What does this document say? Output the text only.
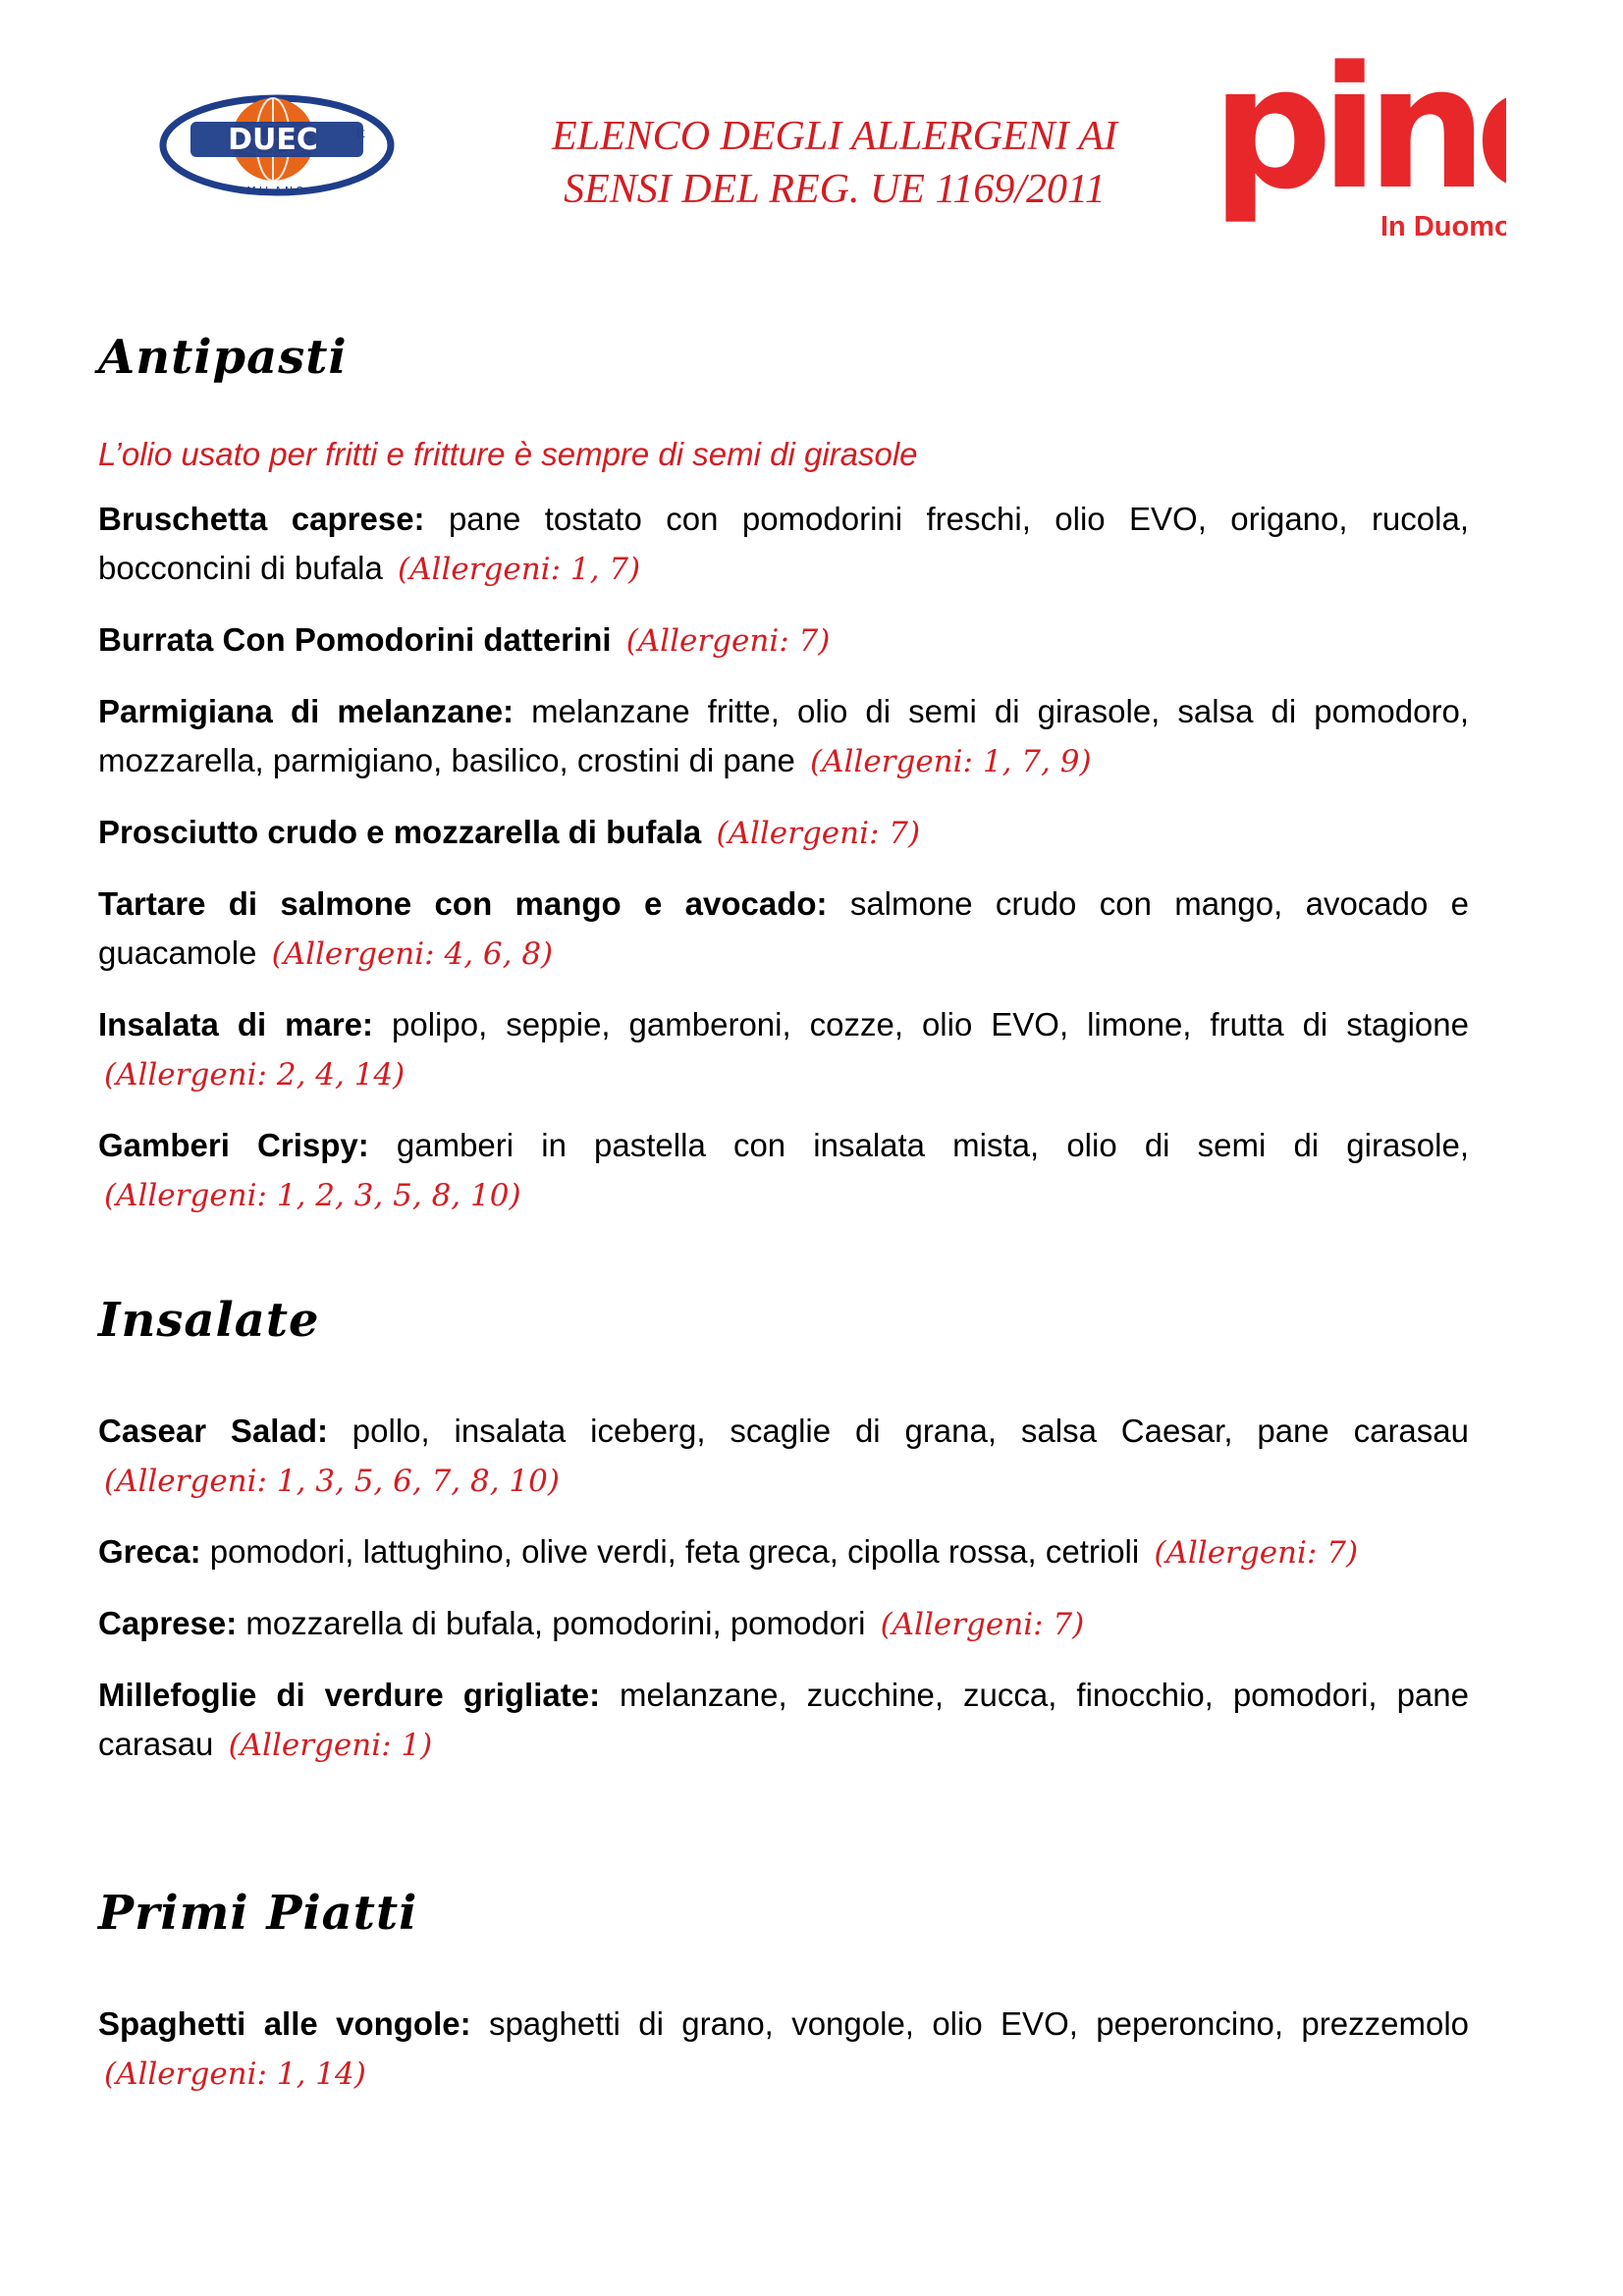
DUEC	it
MILANO
ELENCO DEGLI ALLERGENI AI
SENSI DEL REG. UE 1169/2011 pin
In Duomo
Antipasti

L’olio usato per fritti e fritture è sempre di semi di girasole

Bruschetta caprese: pane tostato con pomodorini freschi, olio EVO, origano, rucola, bocconcini di bufala (Allergeni: 1, 7)

Burrata Con Pomodorini datterini (Allergeni: 7)

Parmigiana di melanzane: melanzane fritte, olio di semi di girasole, salsa di pomodoro, mozzarella, parmigiano, basilico, crostini di pane (Allergeni: 1, 7, 9)

Prosciutto crudo e mozzarella di bufala (Allergeni: 7)

Tartare di salmone con mango e avocado: salmone crudo con mango, avocado e guacamole (Allergeni: 4, 6, 8)

Insalata di mare: polipo, seppie, gamberoni, cozze, olio EVO, limone, frutta di stagione (Allergeni: 2, 4, 14)

Gamberi Crispy: gamberi in pastella con insalata mista, olio di semi di girasole, (Allergeni: 1, 2, 3, 5, 8, 10)

Insalate

Casear Salad: pollo, insalata iceberg, scaglie di grana, salsa Caesar, pane carasau (Allergeni: 1, 3, 5, 6, 7, 8, 10)

Greca: pomodori, lattughino, olive verdi, feta greca, cipolla rossa, cetrioli (Allergeni: 7)

Caprese: mozzarella di bufala, pomodorini, pomodori (Allergeni: 7)

Millefoglie di verdure grigliate: melanzane, zucchine, zucca, finocchio, pomodori, pane carasau (Allergeni: 1)

Primi Piatti

Spaghetti alle vongole: spaghetti di grano, vongole, olio EVO, peperoncino, prezzemolo (Allergeni: 1, 14)
